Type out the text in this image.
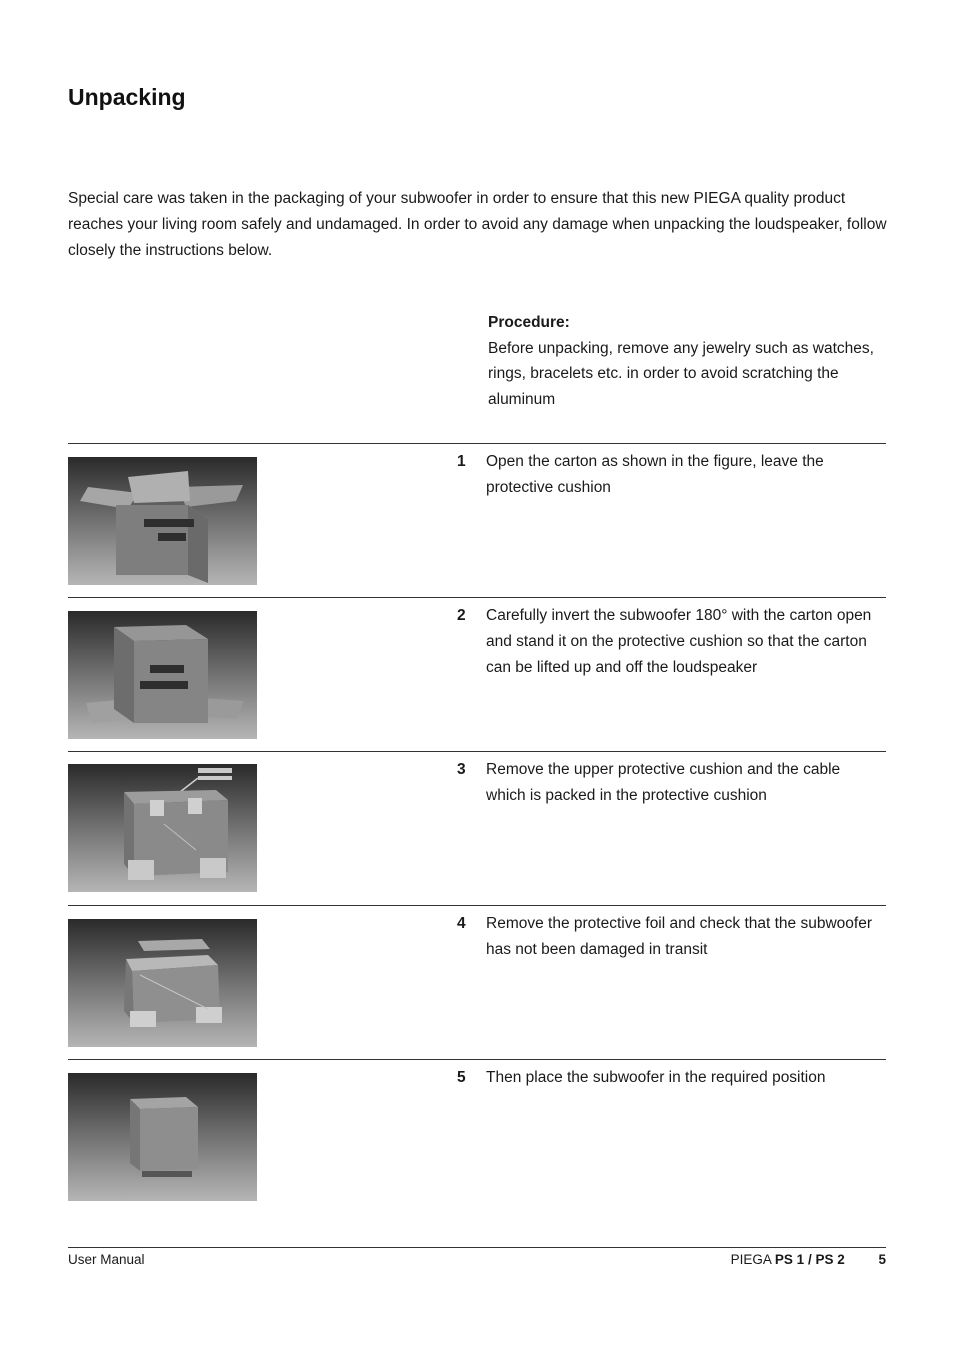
Unpacking

Special care was taken in the packaging of your subwoofer in order to ensure that this new PIEGA quality product reaches your living room safely and undamaged. In order to avoid any damage when unpacking the loudspeaker, follow closely the instructions below.

Procedure:
Before unpacking, remove any jewelry such as watches, rings, bracelets etc. in order to avoid scratching the aluminum
1 Open the carton as shown in the figure, leave the protective cushion
2 Carefully invert the subwoofer 180° with the carton open and stand it on the protective cushion so that the carton can be lifted up and off the loudspeaker
3 Remove the upper protective cushion and the cable which is packed in the protective cushion
4 Remove the protective foil and check that the subwoofer has not been damaged in transit
5 Then place the subwoofer in the required position
User Manual	PIEGA PS 1 / PS 2	5
